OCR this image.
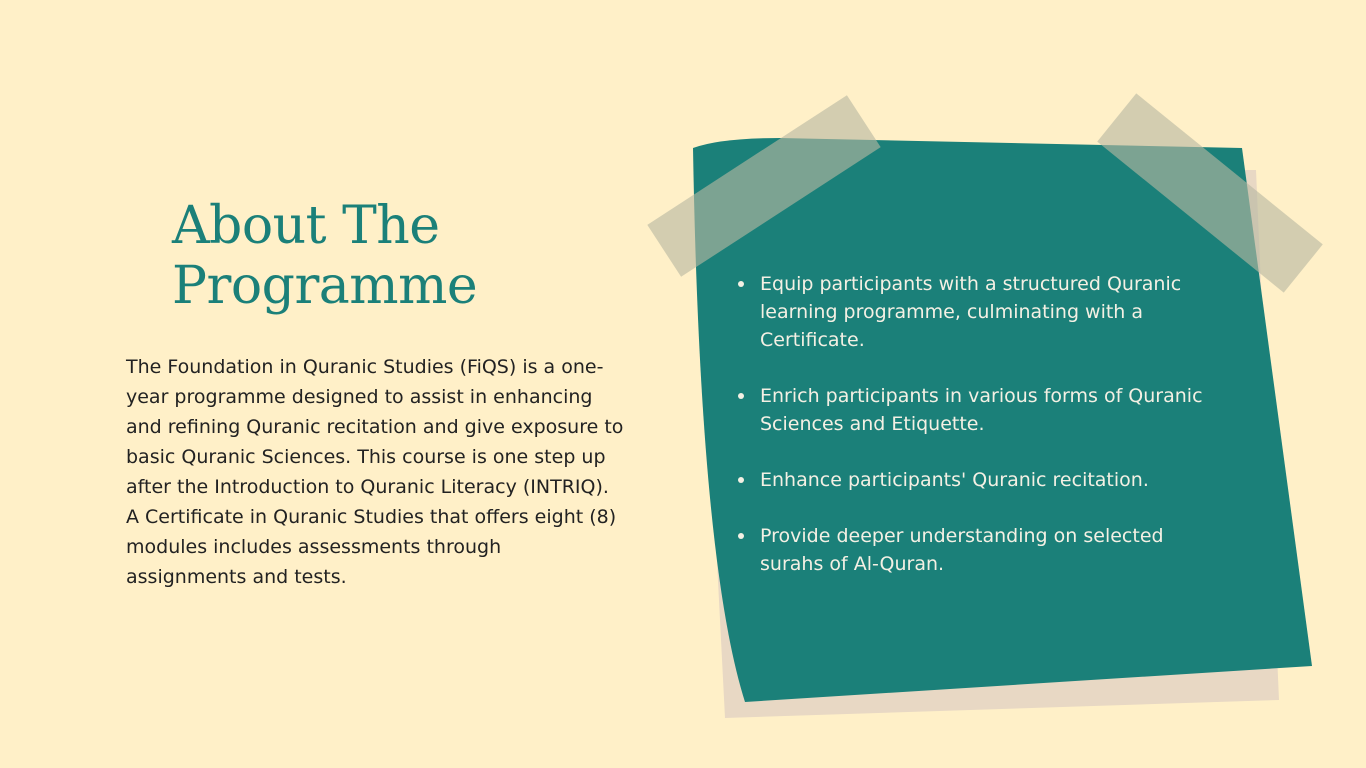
About The
Programme

The Foundation in Quranic Studies (FiQS) is a one-year programme designed to assist in enhancing and refining Quranic recitation and give exposure to basic Quranic Sciences. This course is one step up after the Introduction to Quranic Literacy (INTRIQ). A Certificate in Quranic Studies that offers eight (8) modules includes assessments through assignments and tests.

Equip participants with a structured Quranic learning programme, culminating with a Certificate.
Enrich participants in various forms of Quranic Sciences and Etiquette.
Enhance participants' Quranic recitation.
Provide deeper understanding on selected surahs of Al-Quran.
